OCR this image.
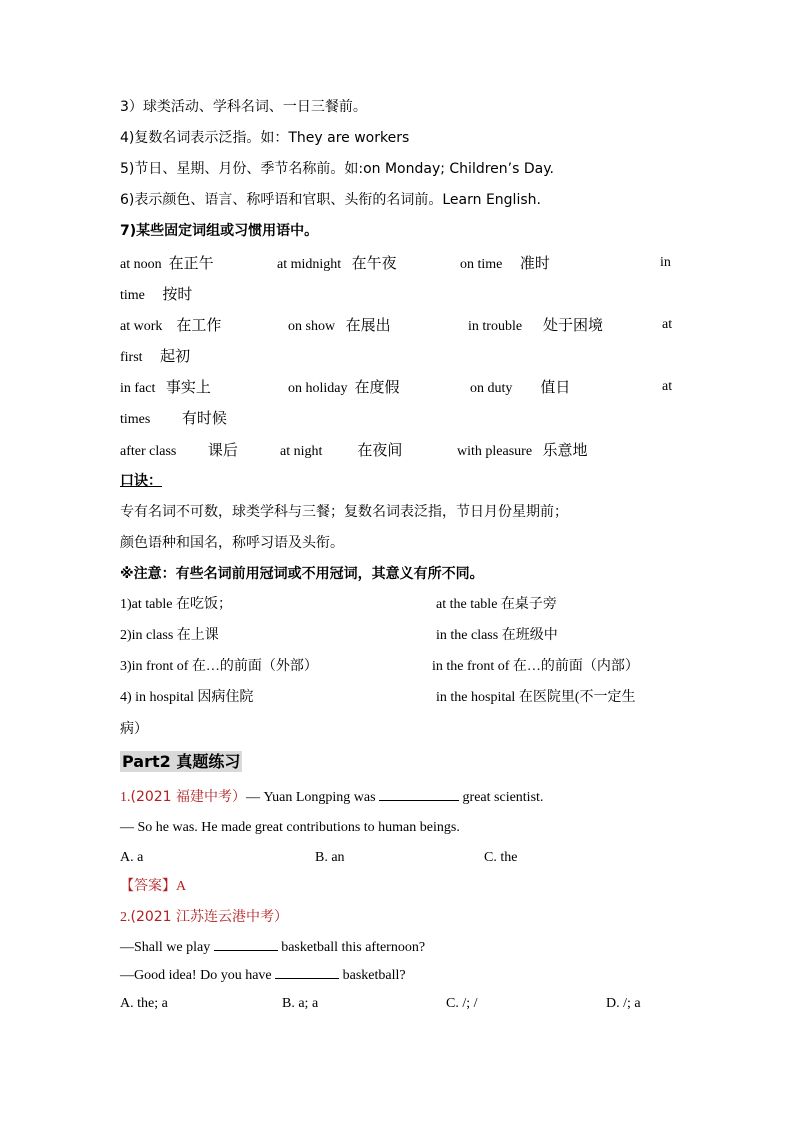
3）球类活动、学科名词、一日三餐前。
4)复数名词表示泛指。如：They are workers
5)节日、星期、月份、季节名称前。如:on Monday; Children’s Day.
6)表示颜色、语言、称呼语和官职、头衔的名词前。Learn English.
7)某些固定词组或习惯用语中。
at noon 在正午	at midnight 在午夜	on time 准时	in
time 按时
at work 在工作	on show 在展出	in trouble 处于困境	at
first 起初
in fact 事实上	on holiday 在度假	on duty 值日	at
times 有时候
after class 课后	at night 在夜间	with pleasure 乐意地
口诀：
专有名词不可数，球类学科与三餐；复数名词表泛指，节日月份星期前；
颜色语种和国名，称呼习语及头衔。
※注意：有些名词前用冠词或不用冠词，其意义有所不同。
1)at table 在吃饭；	at the table 在桌子旁
2)in class 在上课	in the class 在班级中
3)in front of 在…的前面（外部）	in the front of 在…的前面（内部）
4) in hospital 因病住院	in the hospital 在医院里(不一定生
病）
Part2 真题练习
1.(2021 福建中考）— Yuan Longping was	great scientist.
— So he was. He made great contributions to human beings.
A. a	B. an	C. the
【答案】A
2.(2021 江苏连云港中考）
—Shall we play	basketball this afternoon?
—Good idea! Do you have	basketball?
A. the; a	B. a; a	C. /; /	D. /; a
